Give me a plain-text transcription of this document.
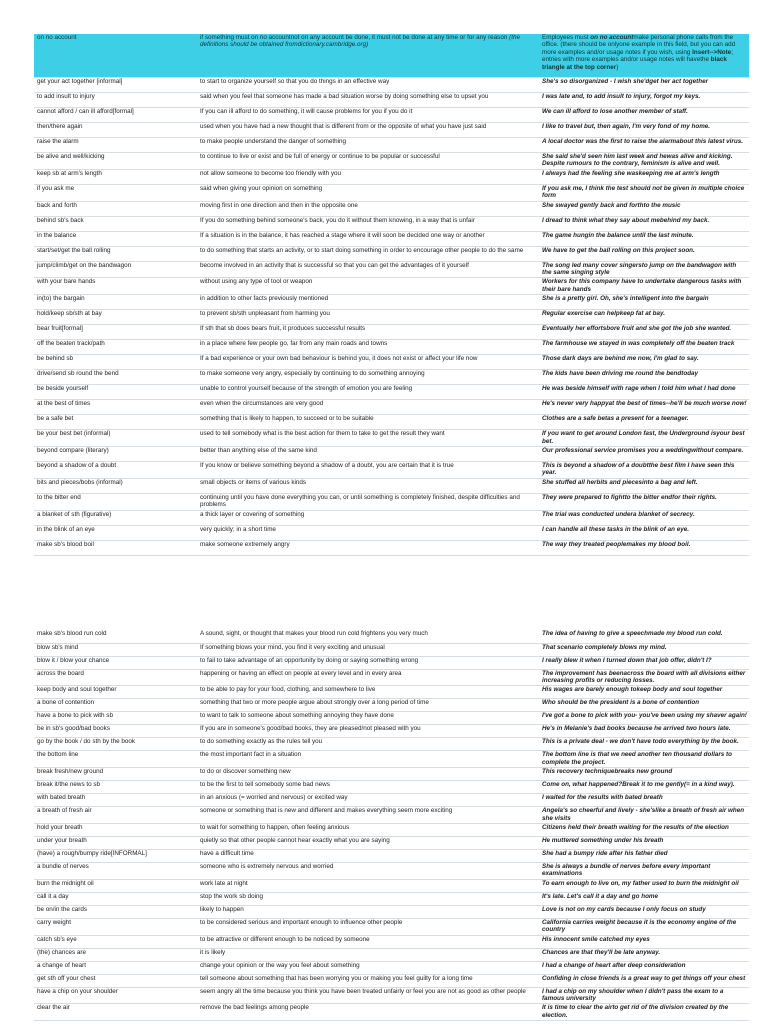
on no account	if something must on no accountnot on any account be done, it must not be done at any time or for any reason (the definitions should be obtained fromdictionary.cambridge.org)	Employees must on no accountmake personal phone calls from the office. (there should be onlyone example in this field, but you can add more examples and/or usage notes if you wish, using Insert-->Note; entries with more examples and/or usage notes will havethe black triangle at the top corner)
get your act together [informal]	to start to organize yourself so that you do things in an effective way	She's so disorganized - I wish she'dget her act together
to add insult to injury	said when you feel that someone has made a bad situation worse by doing something else to upset you	I was late and, to add insult to injury, forgot my keys.
cannot afford / can ill afford[formal]	If you can ill afford to do something, it will cause problems for you if you do it	We can ill afford to lose another member of staff.
then/there again	used when you have had a new thought that is different from or the opposite of what you have just said	I like to travel but, then again, I'm very fond of my home.
raise the alarm	to make people understand the danger of something	A local doctor was the first to raise the alarmabout this latest virus.
be alive and well/kicking	to continue to live or exist and be full of energy or continue to be popular or successful	She said she'd seen him last week and hewas alive and kicking. Despite rumours to the contrary, feminism is alive and well.
keep sb at arm's length	not allow someone to become too friendly with you	I always had the feeling she waskeeping me at arm's length
if you ask me	said when giving your opinion on something	If you ask me, I think the test should not be given in multiple choice form
back and forth	moving first in one direction and then in the opposite one	She swayed gently back and forthto the music
behind sb's back	If you do something behind someone's back, you do it without them knowing, in a way that is unfair	I dread to think what they say about mebehind my back.
in the balance	If a situation is in the balance, it has reached a stage where it will soon be decided one way or another	The game hungin the balance until the last minute.
start/set/get the ball rolling	to do something that starts an activity, or to start doing something in order to encourage other people to do the same	We have to get the ball rolling on this project soon.
jump/climb/get on the bandwagon	become involved in an activity that is successful so that you can get the advantages of it yourself	The song led many cover singersto jump on the bandwagon with the same singing style
with your bare hands	without using any type of tool or weapon	Workers for this company have to undertake dangerous tasks with their bare hands
in(to) the bargain	in addition to other facts previously mentioned	She is a pretty girl. Oh, she's intelligent into the bargain
hold/keep sb/sth at bay	to prevent sb/sth unpleasant from harming you	Regular exercise can helpkeep fat at bay.
bear fruit[formal]	If sth that sb does bears fruit, it produces successful results	Eventually her effortsbore fruit and she got the job she wanted.
off the beaten track/path	in a place where few people go, far from any main roads and towns	The farmhouse we stayed in was completely off the beaten track
be behind sb	If a bad experience or your own bad behaviour is behind you, it does not exist or affect your life now	Those dark days are behind me now, I'm glad to say.
drive/send sb round the bend	to make someone very angry, especially by continuing to do something annoying	The kids have been driving me round the bendtoday
be beside yourself	unable to control yourself because of the strength of emotion you are feeling	He was beside himself with rage when I told him what I had done
at the best of times	even when the circumstances are very good	He's never very happyat the best of times--he'll be much worse now!
be a safe bet	something that is likely to happen, to succeed or to be suitable	Clothes are a safe betas a present for a teenager.
be your best bet (informal)	used to tell somebody what is the best action for them to take to get the result they want	If you want to get around London fast, the Underground isyour best bet.
beyond compare (literary)	better than anything else of the same kind	Our professional service promises you a weddingwithout compare.
beyond a shadow of a doubt	If you know or believe something beyond a shadow of a doubt, you are certain that it is true	This is beyond a shadow of a doubtthe best film I have seen this year.
bits and pieces/bobs (informal)	small objects or items of various kinds	She stuffed all herbits and piecesinto a bag and left.
to the bitter end	continuing until you have done everything you can, or until something is completely finished, despite difficulties and problems	They were prepared to fightto the bitter endfor their rights.
a blanket of sth (figurative)	a thick layer or covering of something	The trial was conducted undera blanket of secrecy.
in the blink of an eye	very quickly; in a short time	I can handle all these tasks in the blink of an eye.
make sb's blood boil	make someone extremely angry	The way they treated peoplemakes my blood boil.
make sb's blood run cold	A sound, sight, or thought that makes your blood run cold frightens you very much	The idea of having to give a speechmade my blood run cold.
blow sb's mind	If something blows your mind, you find it very exciting and unusual	That scenario completely blows my mind.
blow it / blow your chance	to fail to take advantage of an opportunity by doing or saying something wrong	I really blew it when I turned down that job offer, didn't I?
across the board	happening or having an effect on people at every level and in every area	The improvement has beenacross the board with all divisions either increasing profits or reducing losses.
keep body and soul together	to be able to pay for your food, clothing, and somewhere to live	His wages are barely enough tokeep body and soul together
a bone of contention	something that two or more people argue about strongly over a long period of time	Who should be the president is a bone of contention
have a bone to pick with sb	to want to talk to someone about something annoying they have done	I've got a bone to pick with you- you've been using my shaver again!
be in sb's good/bad books	If you are in someone's good/bad books, they are pleased/not pleased with you	He's in Melanie's bad books because he arrived two hours late.
go by the book / do sth by the book	to do something exactly as the rules tell you	This is a private deal - we don't have todo everything by the book.
the bottom line	the most important fact in a situation	The bottom line is that we need another ten thousand dollars to complete the project.
break fresh/new ground	to do or discover something new	This recovery techniquebreaks new ground
break it/the news to sb	to be the first to tell somebody some bad news	Come on, what happened?Break it to me gently(= in a kind way).
with bated breath	in an anxious (= worried and nervous) or excited way	I waited for the results with bated breath
a breath of fresh air	someone or something that is new and different and makes everything seem more exciting	Angela's so cheerful and lively - she'slike a breath of fresh air when she visits
hold your breath	to wait for something to happen, often feeling anxious	Citizens held their breath waiting for the results of the election
under your breath	quietly so that other people cannot hear exactly what you are saying	He muttered something under his breath
(have) a rough/bumpy ride[INFORMAL]	have a difficult time	She had a bumpy ride after his father died
a bundle of nerves	someone who is extremely nervous and worried	She is always a bundle of nerves before every important examinations
burn the midnight oil	work late at night	To earn enough to live on, my father used to burn the midnight oil
call it a day	stop the work sb doing	It's late. Let's call it a day and go home
be on/in the cards	likely to happen	Love is not on my cards because I only focus on study
carry weight	to be considered serious and important enough to influence other people	California carries weight because it is the economy engine of the country
catch sb's eye	to be attractive or different enough to be noticed by someone	His innocent smile catched my eyes
(the) chances are	it is likely	Chances are that they'll be late anyway.
a change of heart	change your opinion or the way you feel about something	I had a change of heart after deep consideration
get sth off your chest	tell someone about something that has been worrying you or making you feel guilty for a long time	Confiding in close friends is a great way to get things off your chest
have a chip on your shoulder	seem angry all the time because you think you have been treated unfairly or feel you are not as good as other people	I had a chip on my shoulder when I didn't pass the exam to a famous university
clear the air	remove the bad feelings among people	It is time to clear the airto get rid of the division created by the election.
